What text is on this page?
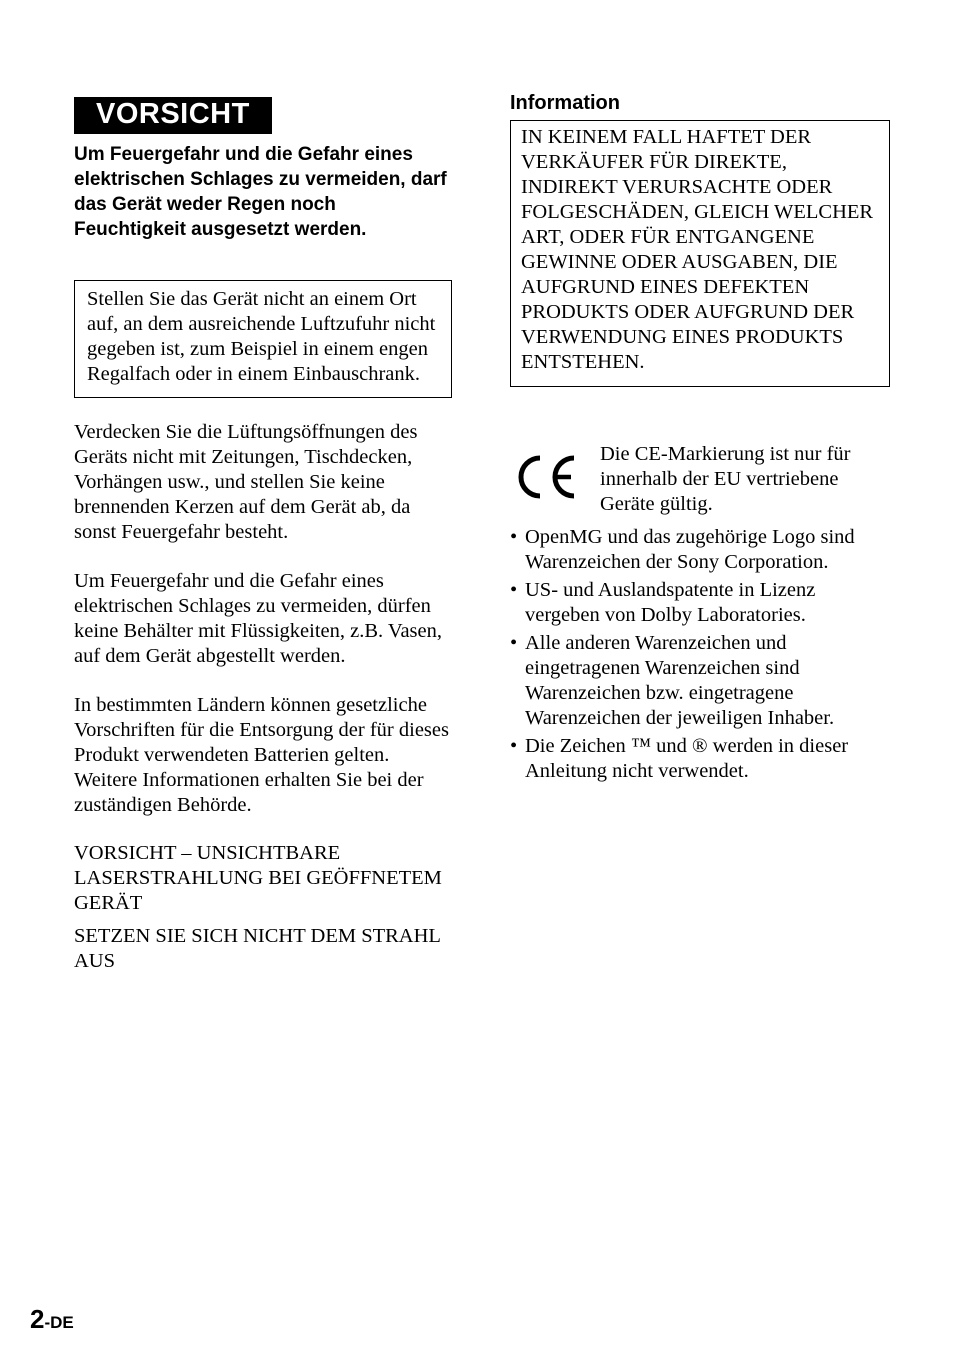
VORSICHT

Um Feuergefahr und die Gefahr eines elektrischen Schlages zu vermeiden, darf das Gerät weder Regen noch Feuchtigkeit ausgesetzt werden.

Stellen Sie das Gerät nicht an einem Ort auf, an dem ausreichende Luftzufuhr nicht gegeben ist, zum Beispiel in einem engen Regalfach oder in einem Einbauschrank.

Verdecken Sie die Lüftungsöffnungen des Geräts nicht mit Zeitungen, Tischdecken, Vorhängen usw., und stellen Sie keine brennenden Kerzen auf dem Gerät ab, da sonst Feuergefahr besteht.

Um Feuergefahr und die Gefahr eines elektrischen Schlages zu vermeiden, dürfen keine Behälter mit Flüssigkeiten, z.B. Vasen, auf dem Gerät abgestellt werden.

In bestimmten Ländern können gesetzliche Vorschriften für die Entsorgung der für dieses Produkt verwendeten Batterien gelten. Weitere Informationen erhalten Sie bei der zuständigen Behörde.

VORSICHT – UNSICHTBARE LASERSTRAHLUNG BEI GEÖFFNETEM GERÄT

SETZEN SIE SICH NICHT DEM STRAHL AUS

Information

IN KEINEM FALL HAFTET DER VERKÄUFER FÜR DIREKTE, INDIREKT VERURSACHTE ODER FOLGESCHÄDEN, GLEICH WELCHER ART, ODER FÜR ENTGANGENE GEWINNE ODER AUSGABEN, DIE AUFGRUND EINES DEFEKTEN PRODUKTS ODER AUFGRUND DER VERWENDUNG EINES PRODUKTS ENTSTEHEN.
Die CE-Markierung ist nur für innerhalb der EU vertriebene Geräte gültig.
• OpenMG und das zugehörige Logo sind Warenzeichen der Sony Corporation.
• US- und Auslandspatente in Lizenz vergeben von Dolby Laboratories.
• Alle anderen Warenzeichen und eingetragenen Warenzeichen sind Warenzeichen bzw. eingetragene Warenzeichen der jeweiligen Inhaber.
• Die Zeichen ™ und ® werden in dieser Anleitung nicht verwendet.
2-DE
